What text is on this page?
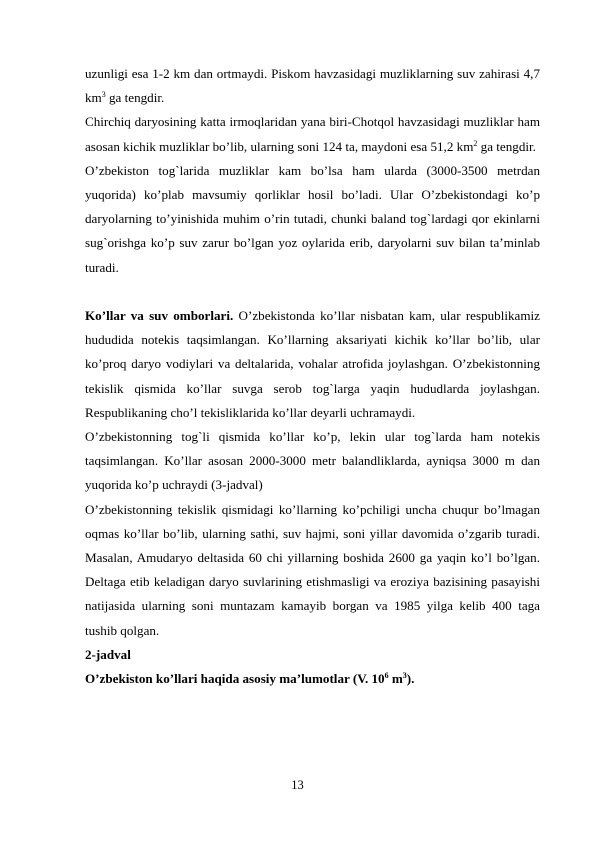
uzunligi esa 1-2 km dan ortmaydi. Piskom havzasidagi muzliklarning suv zahirasi 4,7 $km^3$ ga tengdir.

Chirchiq daryosining katta irmoqlaridan yana biri-Chotqol havzasidagi muzliklar ham asosan kichik muzliklar bo’lib, ularning soni 124 ta, maydoni esa 51,2 $km^2$ ga tengdir.

O’zbekiston tog`larida muzliklar kam bo’lsa ham ularda (3000-3500 metrdan yuqorida) ko’plab mavsumiy qorliklar hosil bo’ladi. Ular O’zbekistondagi ko’p daryolarning to’yinishida muhim o’rin tutadi, chunki baland tog`lardagi qor ekinlarni sug`orishga ko’p suv zarur bo’lgan yoz oylarida erib, daryolarni suv bilan ta’minlab turadi.

Ko’llar va suv omborlari. O’zbekistonda ko’llar nisbatan kam, ular respublikamiz hududida notekis taqsimlangan. Ko’llarning aksariyati kichik ko’llar bo’lib, ular ko’proq daryo vodiylari va deltalarida, vohalar atrofida joylashgan. O’zbekistonning tekislik qismida ko’llar suvga serob tog`larga yaqin hududlarda joylashgan. Respublikaning cho’l tekisliklarida ko’llar deyarli uchramaydi.

O’zbekistonning tog`li qismida ko’llar ko’p, lekin ular tog`larda ham notekis taqsimlangan. Ko’llar asosan 2000-3000 metr balandliklarda, ayniqsa 3000 m dan yuqorida ko’p uchraydi (3-jadval)

O’zbekistonning tekislik qismidagi ko’llarning ko’pchiligi uncha chuqur bo’lmagan oqmas ko’llar bo’lib, ularning sathi, suv hajmi, soni yillar davomida o’zgarib turadi. Masalan, Amudaryo deltasida 60 chi yillarning boshida 2600 ga yaqin ko’l bo’lgan. Deltaga etib keladigan daryo suvlarining etishmasligi va eroziya bazisining pasayishi natijasida ularning soni muntazam kamayib borgan va 1985 yilga kelib 400 taga tushib qolgan.

2-jadval

O’zbekiston ko’llari haqida asosiy ma’lumotlar (V. $10^6$ $m^3$).

13
